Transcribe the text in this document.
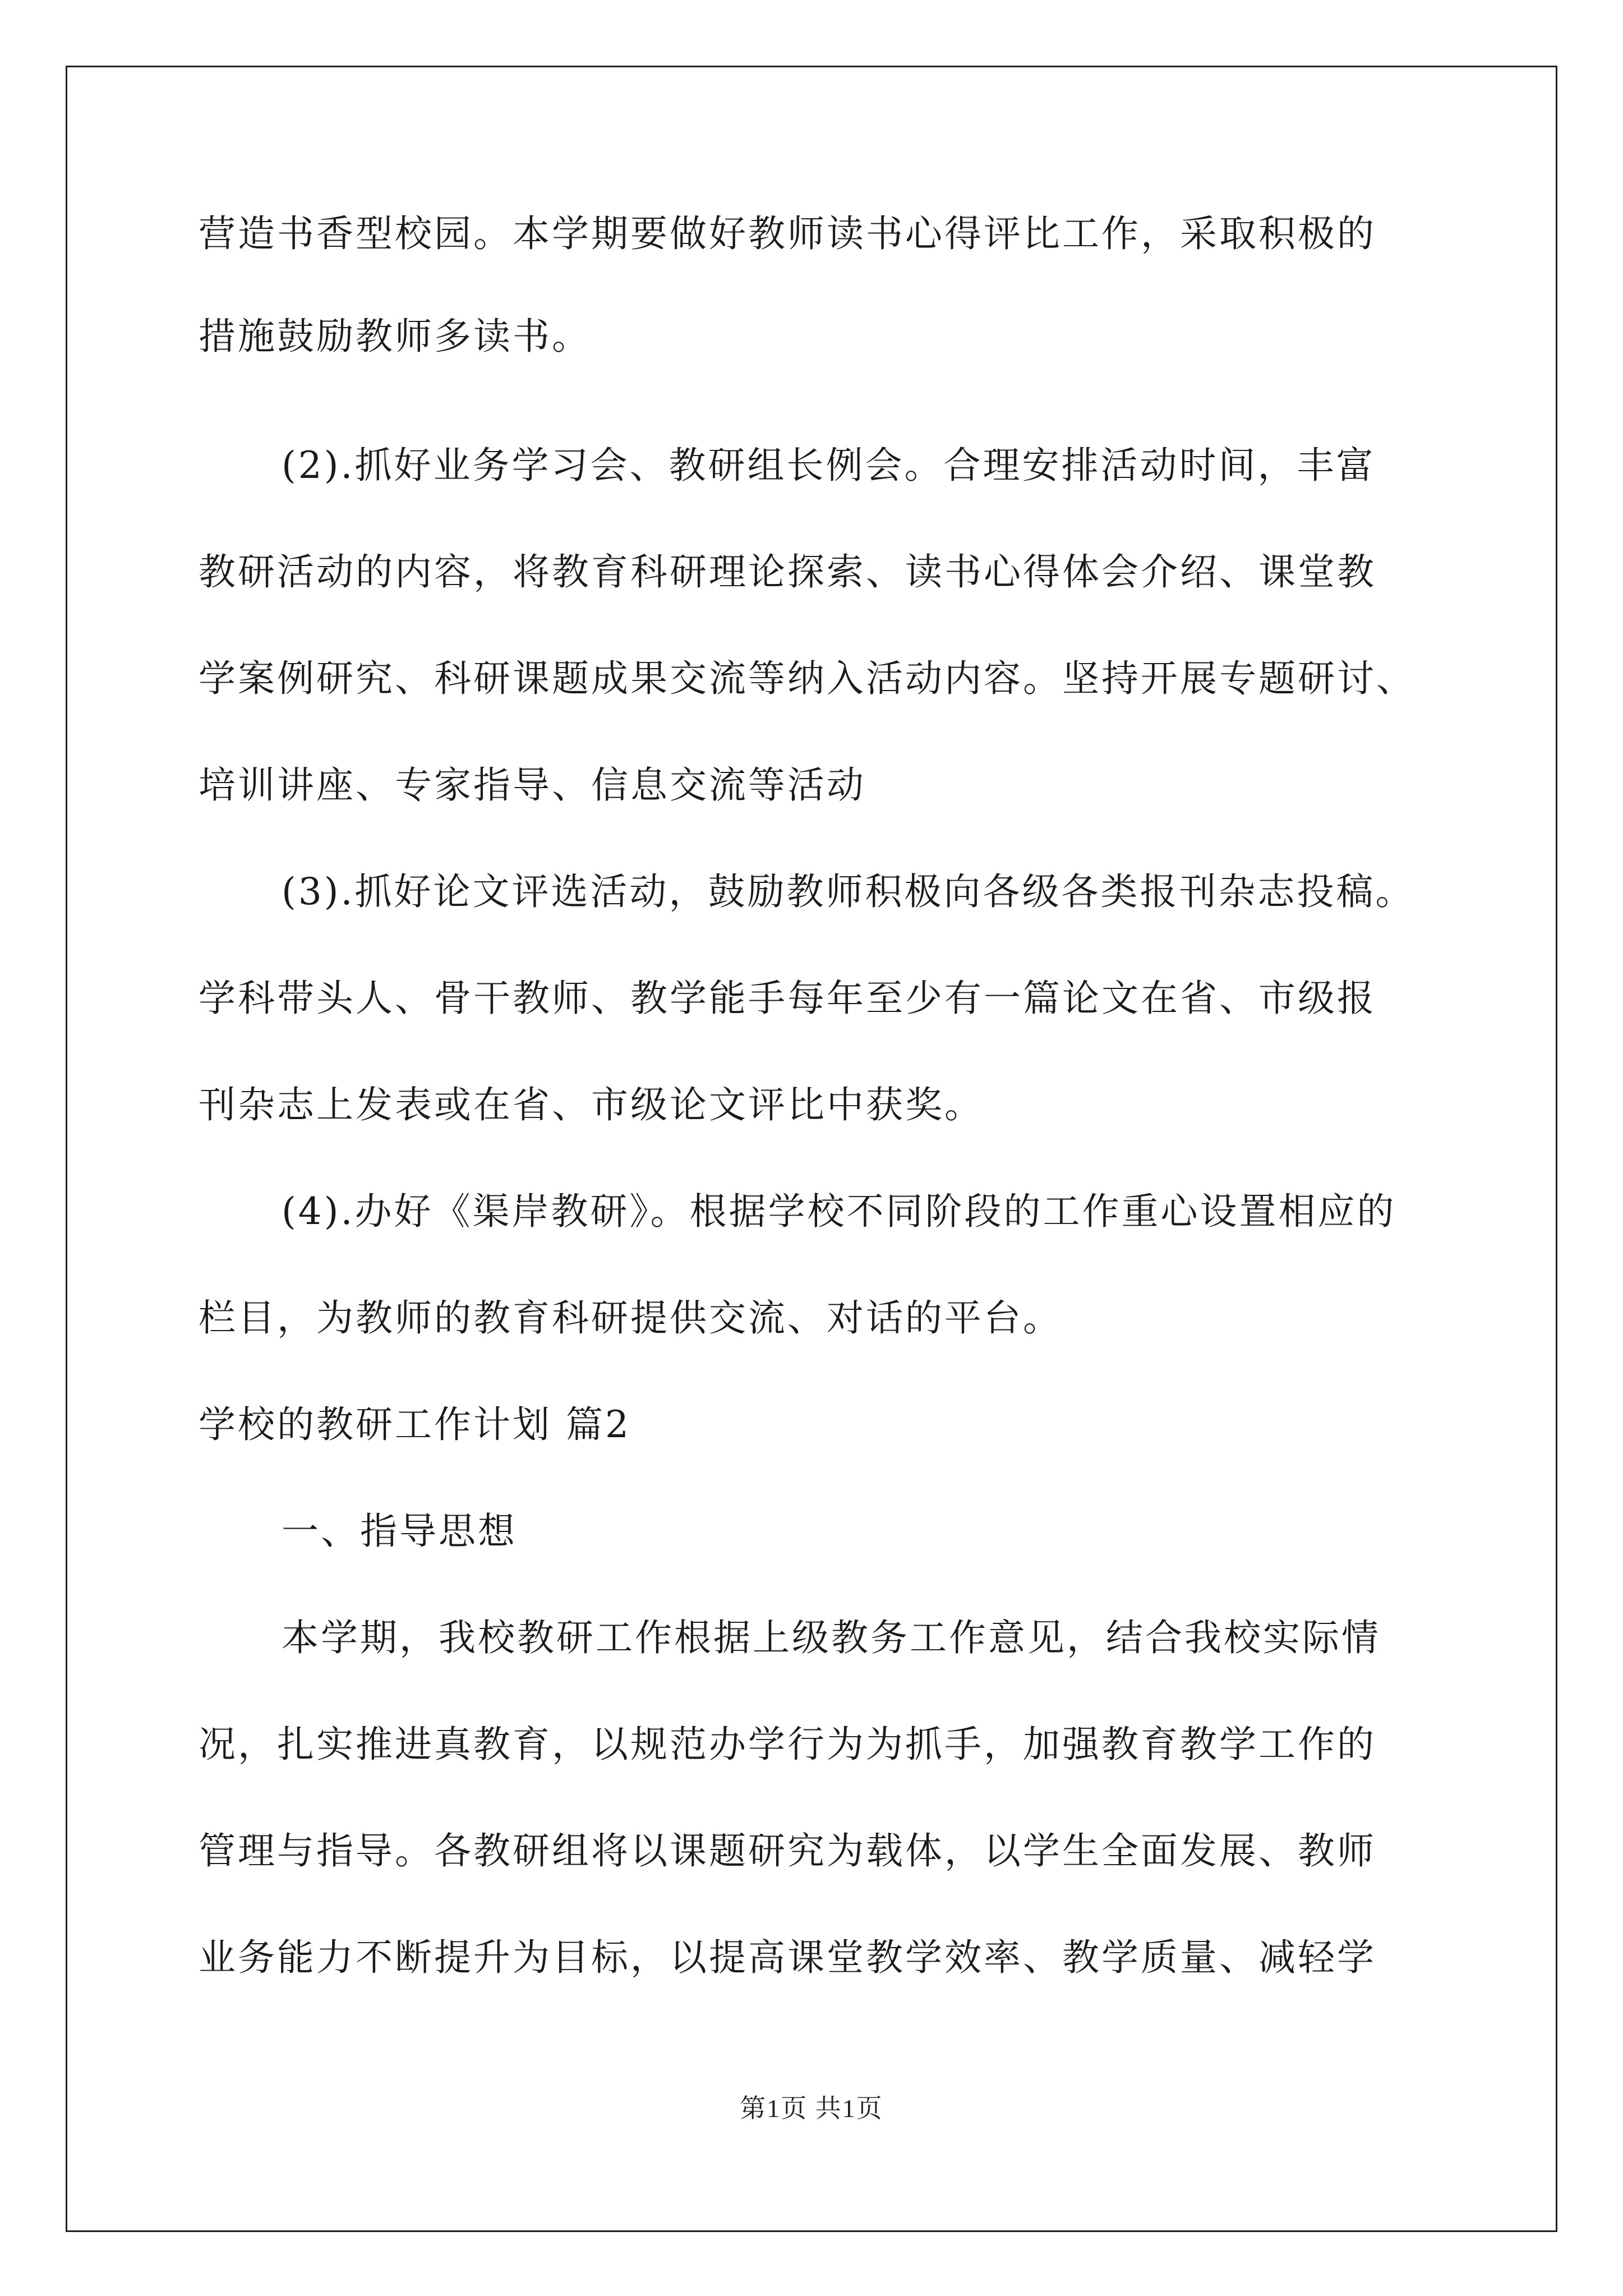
营造书香型校园。本学期要做好教师读书心得评比工作，采取积极的
措施鼓励教师多读书。
(2).抓好业务学习会、教研组长例会。合理安排活动时间，丰富
教研活动的内容，将教育科研理论探索、读书心得体会介绍、课堂教
学案例研究、科研课题成果交流等纳入活动内容。坚持开展专题研讨、
培训讲座、专家指导、信息交流等活动
(3).抓好论文评选活动，鼓励教师积极向各级各类报刊杂志投稿。
学科带头人、骨干教师、教学能手每年至少有一篇论文在省、市级报
刊杂志上发表或在省、市级论文评比中获奖。
(4).办好《渠岸教研》。根据学校不同阶段的工作重心设置相应的
栏目，为教师的教育科研提供交流、对话的平台。
学校的教研工作计划 篇2
一、指导思想
本学期，我校教研工作根据上级教务工作意见，结合我校实际情
况，扎实推进真教育，以规范办学行为为抓手，加强教育教学工作的
管理与指导。各教研组将以课题研究为载体，以学生全面发展、教师
业务能力不断提升为目标，以提高课堂教学效率、教学质量、减轻学
第1页 共1页
